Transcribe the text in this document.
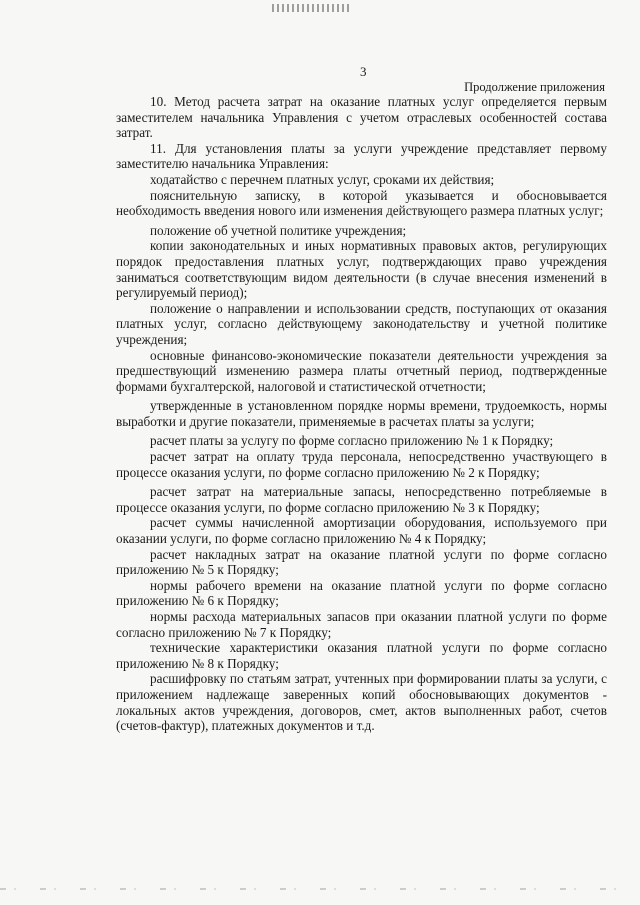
3
Продолжение приложения

10. Метод расчета затрат на оказание платных услуг определяется первым заместителем начальника Управления с учетом отраслевых особенностей состава затрат.

11. Для установления платы за услуги учреждение представляет первому заместителю начальника Управления:

ходатайство с перечнем платных услуг, сроками их действия;

пояснительную записку, в которой указывается и обосновывается необходимость введения нового или изменения действующего размера платных услуг;

положение об учетной политике учреждения;

копии законодательных и иных нормативных правовых актов, регулирующих порядок предоставления платных услуг, подтверждающих право учреждения заниматься соответствующим видом деятельности (в случае внесения изменений в регулируемый период);

положение о направлении и использовании средств, поступающих от оказания платных услуг, согласно действующему законодательству и учетной политике учреждения;

основные финансово-экономические показатели деятельности учреждения за предшествующий изменению размера платы отчетный период, подтвержденные формами бухгалтерской, налоговой и статистической отчетности;

утвержденные в установленном порядке нормы времени, трудоемкость, нормы выработки и другие показатели, применяемые в расчетах платы за услуги;

расчет платы за услугу по форме согласно приложению № 1 к Порядку;

расчет затрат на оплату труда персонала, непосредственно участвующего в процессе оказания услуги, по форме согласно приложению № 2 к Порядку;

расчет затрат на материальные запасы, непосредственно потребляемые в процессе оказания услуги, по форме согласно приложению № 3 к Порядку;

расчет суммы начисленной амортизации оборудования, используемого при оказании услуги, по форме согласно приложению № 4 к Порядку;

расчет накладных затрат на оказание платной услуги по форме согласно приложению № 5 к Порядку;

нормы рабочего времени на оказание платной услуги по форме согласно приложению № 6 к Порядку;

нормы расхода материальных запасов при оказании платной услуги по форме согласно приложению № 7 к Порядку;

технические характеристики оказания платной услуги по форме согласно приложению № 8 к Порядку;

расшифровку по статьям затрат, учтенных при формировании платы за услуги, с приложением надлежаще заверенных копий обосновывающих документов - локальных актов учреждения, договоров, смет, актов выполненных работ, счетов (счетов-фактур), платежных документов и т.д.
